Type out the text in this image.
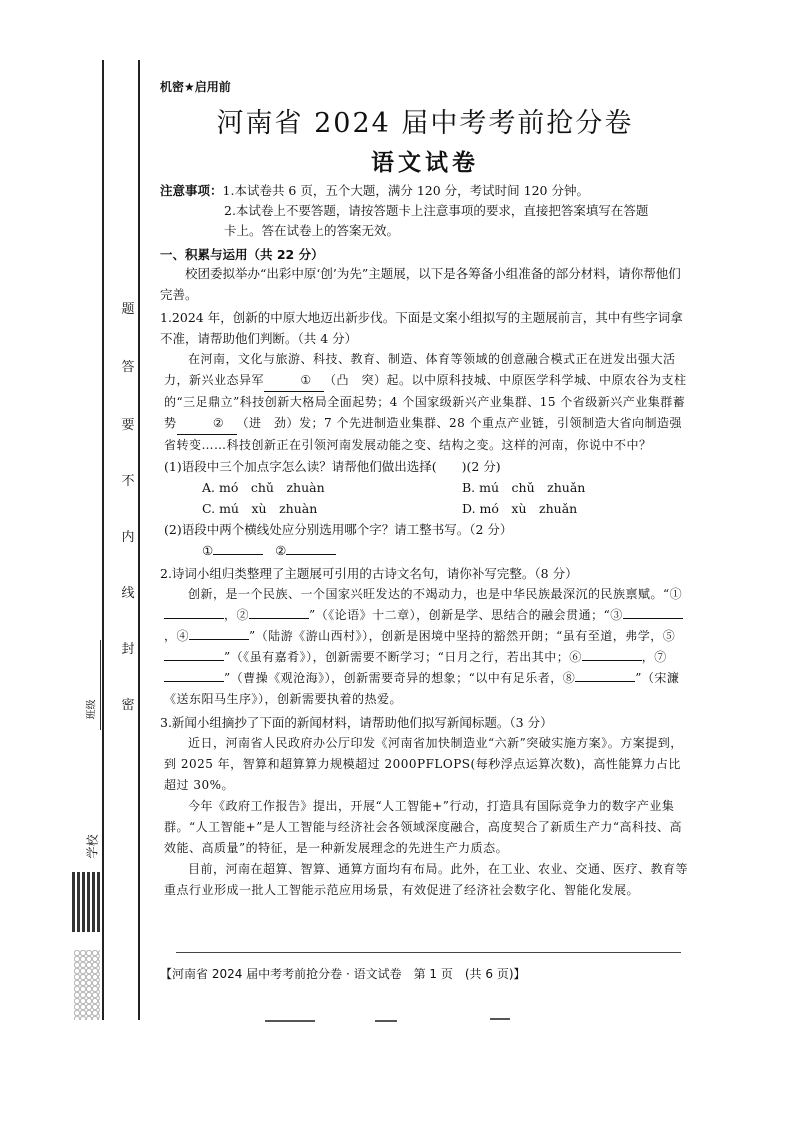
题
答
要
不
内
线
封
密
班级
学校
机密★启用前
河南省 2024 届中考考前抢分卷
语文试卷
注意事项：1.本试卷共 6 页，五个大题，满分 120 分，考试时间 120 分钟。
2.本试卷上不要答题，请按答题卡上注意事项的要求，直接把答案填写在答题
卡上。答在试卷上的答案无效。
一、积累与运用（共 22 分）

校团委拟举办“出彩中原‘创’为先”主题展，以下是各筹备小组准备的部分材料，请你帮他们完善。

1.2024 年，创新的中原大地迈出新步伐。下面是文案小组拟写的主题展前言，其中有些字词拿不准，请帮助他们判断。（共 4 分）

在河南，文化与旅游、科技、教育、制造、体育等领域的创意融合模式正在迸发出强大活力，新兴业态异军	① （凸　突）起。以中原科技城、中原医学科学城、中原农谷为支柱的“三足鼎立”科技创新大格局全面起势；4 个国家级新兴产业集群、15 个省级新兴产业集群蓄势	② （进　劲）发；7 个先进制造业集群、28 个重点产业链，引领制造大省向制造强省转变……科技创新正在引领河南发展动能之变、结构之变。这样的河南，你说中不中？

(1)语段中三个加点字怎么读？请帮他们做出选择(　　)(2 分)

A. mó　chǔ　zhuàn	B. mú　chǔ　zhuǎn
C. mú　xù　zhuàn	D. mó　xù　zhuǎn

(2)语段中两个横线处应分别选用哪个字？请工整书写。（2 分）

①	②

2.诗词小组归类整理了主题展可引用的古诗文名句，请你补写完整。（8 分）

创新，是一个民族、一个国家兴旺发达的不竭动力，也是中华民族最深沉的民族禀赋。“①，②	”（《论语》十二章），创新是学、思结合的融会贯通；“③，④	”（陆游《游山西村》），创新是困境中坚持的豁然开朗；“虽有至道，弗学，⑤”（《虽有嘉肴》），创新需要不断学习；“日月之行，若出其中；⑥	，⑦”（曹操《观沧海》），创新需要奇异的想象；“以中有足乐者，⑧	”（宋濂《送东阳马生序》），创新需要执着的热爱。

3.新闻小组摘抄了下面的新闻材料，请帮助他们拟写新闻标题。（3 分）

近日，河南省人民政府办公厅印发《河南省加快制造业“六新”突破实施方案》。方案提到，到 2025 年，智算和超算算力规模超过 2000PFLOPS(每秒浮点运算次数)，高性能算力占比超过 30%。

今年《政府工作报告》提出，开展“人工智能+”行动，打造具有国际竞争力的数字产业集群。“人工智能+”是人工智能与经济社会各领域深度融合，高度契合了新质生产力“高科技、高效能、高质量”的特征，是一种新发展理念的先进生产力质态。

目前，河南在超算、智算、通算方面均有布局。此外，在工业、农业、交通、医疗、教育等重点行业形成一批人工智能示范应用场景，有效促进了经济社会数字化、智能化发展。

【河南省 2024 届中考考前抢分卷 · 语文试卷　第 1 页　(共 6 页)】
